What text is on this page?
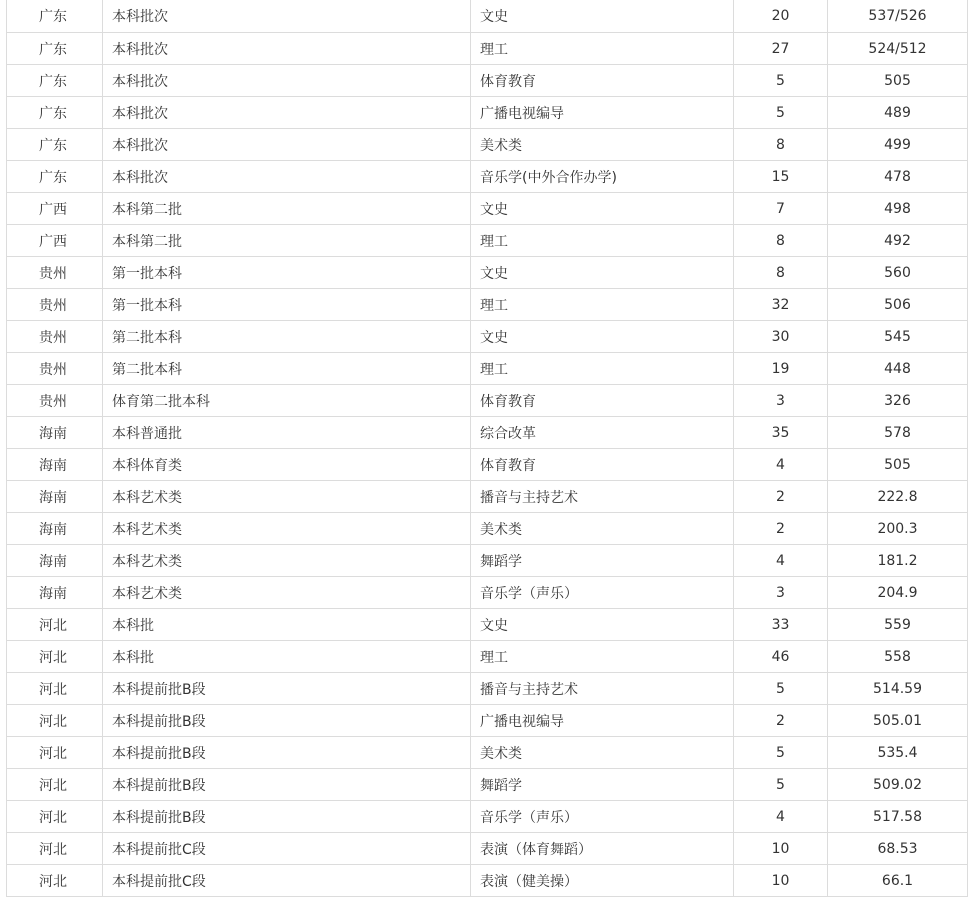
广东	本科批次	文史	20	537/526
广东	本科批次	理工	27	524/512
广东	本科批次	体育教育	5	505
广东	本科批次	广播电视编导	5	489
广东	本科批次	美术类	8	499
广东	本科批次	音乐学(中外合作办学)	15	478
广西	本科第二批	文史	7	498
广西	本科第二批	理工	8	492
贵州	第一批本科	文史	8	560
贵州	第一批本科	理工	32	506
贵州	第二批本科	文史	30	545
贵州	第二批本科	理工	19	448
贵州	体育第二批本科	体育教育	3	326
海南	本科普通批	综合改革	35	578
海南	本科体育类	体育教育	4	505
海南	本科艺术类	播音与主持艺术	2	222.8
海南	本科艺术类	美术类	2	200.3
海南	本科艺术类	舞蹈学	4	181.2
海南	本科艺术类	音乐学（声乐）	3	204.9
河北	本科批	文史	33	559
河北	本科批	理工	46	558
河北	本科提前批B段	播音与主持艺术	5	514.59
河北	本科提前批B段	广播电视编导	2	505.01
河北	本科提前批B段	美术类	5	535.4
河北	本科提前批B段	舞蹈学	5	509.02
河北	本科提前批B段	音乐学（声乐）	4	517.58
河北	本科提前批C段	表演（体育舞蹈）	10	68.53
河北	本科提前批C段	表演（健美操）	10	66.1
